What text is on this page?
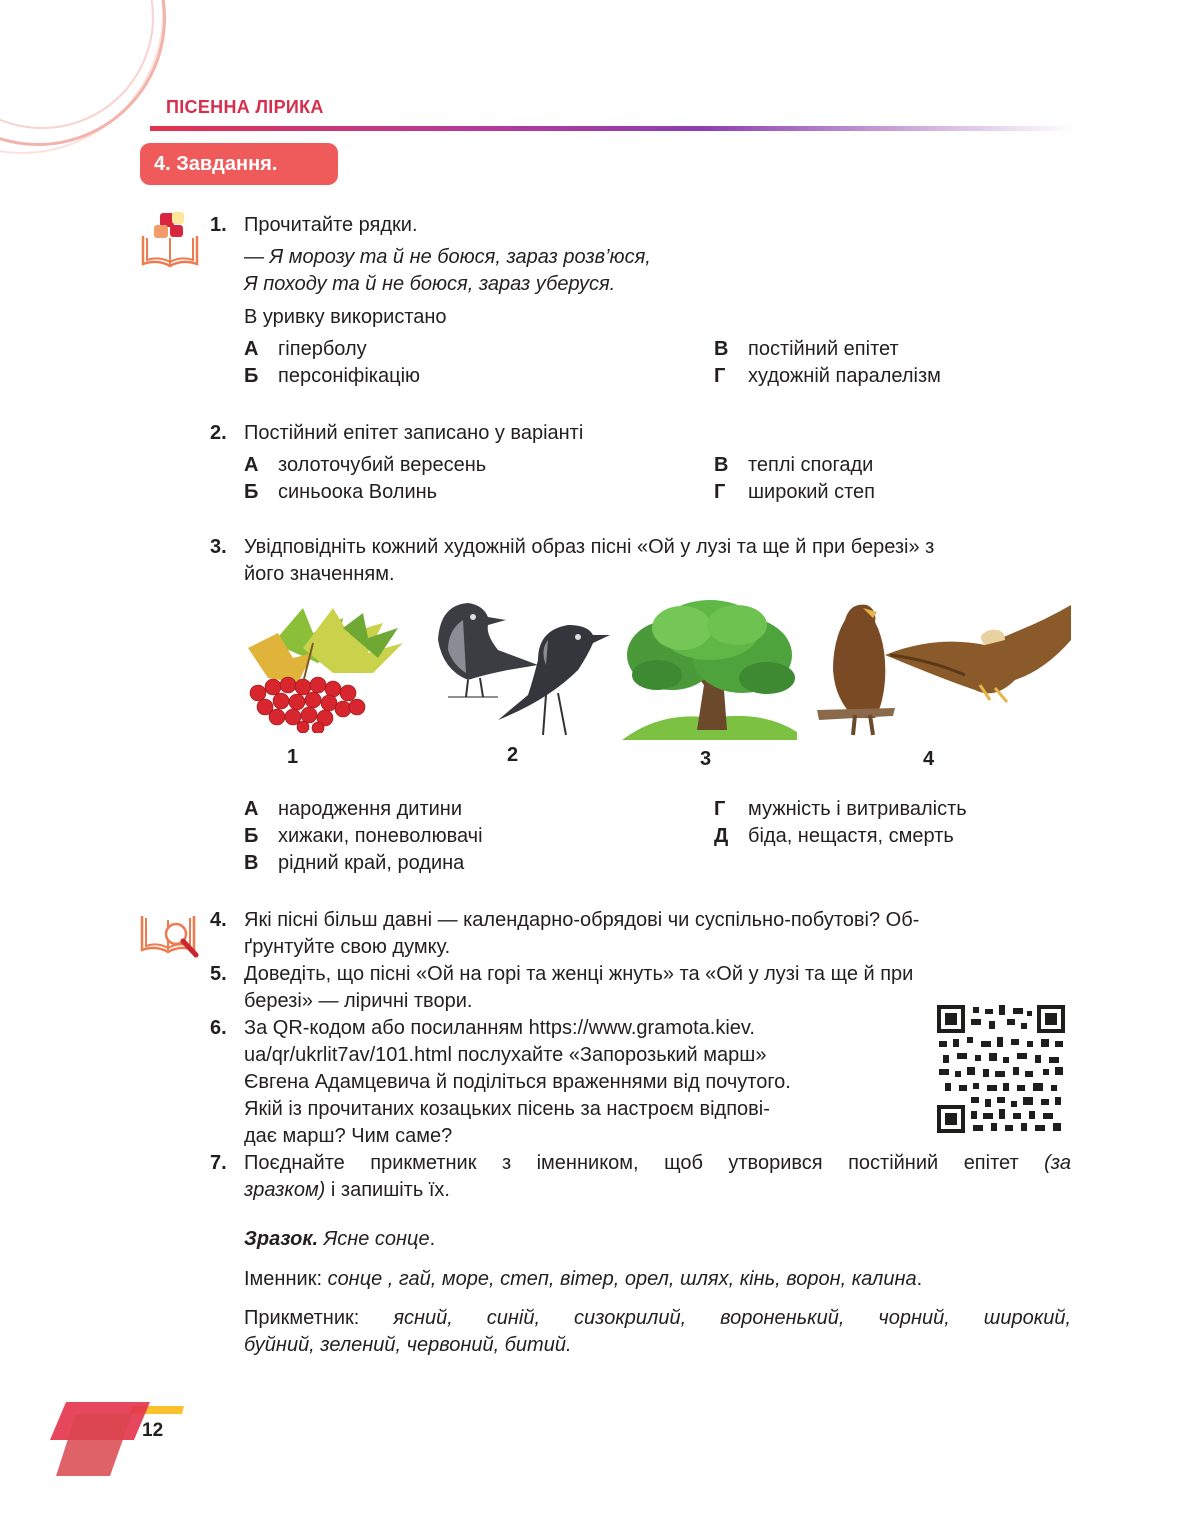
ПІСЕННА ЛІРИКА
4. Завдання.
1. Прочитайте рядки.
— Я морозу та й не боюся, зараз розв’юся,
Я походу та й не боюся, зараз уберуся.
В уривку використано
А гіперболу
Б персоніфікацію
В постійний епітет
Г художній паралелізм
2. Постійний епітет записано у варіанті
А золоточубий вересень
Б синьоока Волинь
В теплі спогади
Г широкий степ
3. Увідповідніть кожний художній образ пісні «Ой у лузі та ще й при березі» з
його значенням.
1	2	3	4
А народження дитини
Б хижаки, поневолювачі
В рідний край, родина
Г мужність і витривалість
Д біда, нещастя, смерть
4. Які пісні більш давні — календарно-обрядові чи суспільно-побутові? Об-
ґрунтуйте свою думку.
5. Доведіть, що пісні «Ой на горі та женці жнуть» та «Ой у лузі та ще й при
березі» — ліричні твори.
6. За QR-кодом або посиланням https://www.gramota.kiev.
ua/qr/ukrlit7av/101.html послухайте «Запорозький марш»
Євгена Адамцевича й поділіться враженнями від почутого.
Якій із прочитаних козацьких пісень за настроєм відпові-
дає марш? Чим саме?
7. Поєднайте прикметник з іменником, щоб утворився постійний епітет (за
зразком) і запишіть їх.
Зразок. Ясне сонце.
Іменник: сонце , гай, море, степ, вітер, орел, шлях, кінь, ворон, калина.
Прикметник: ясний, синій, сизокрилий, вороненький, чорний, широкий,
буйний, зелений, червоний, битий.
12
